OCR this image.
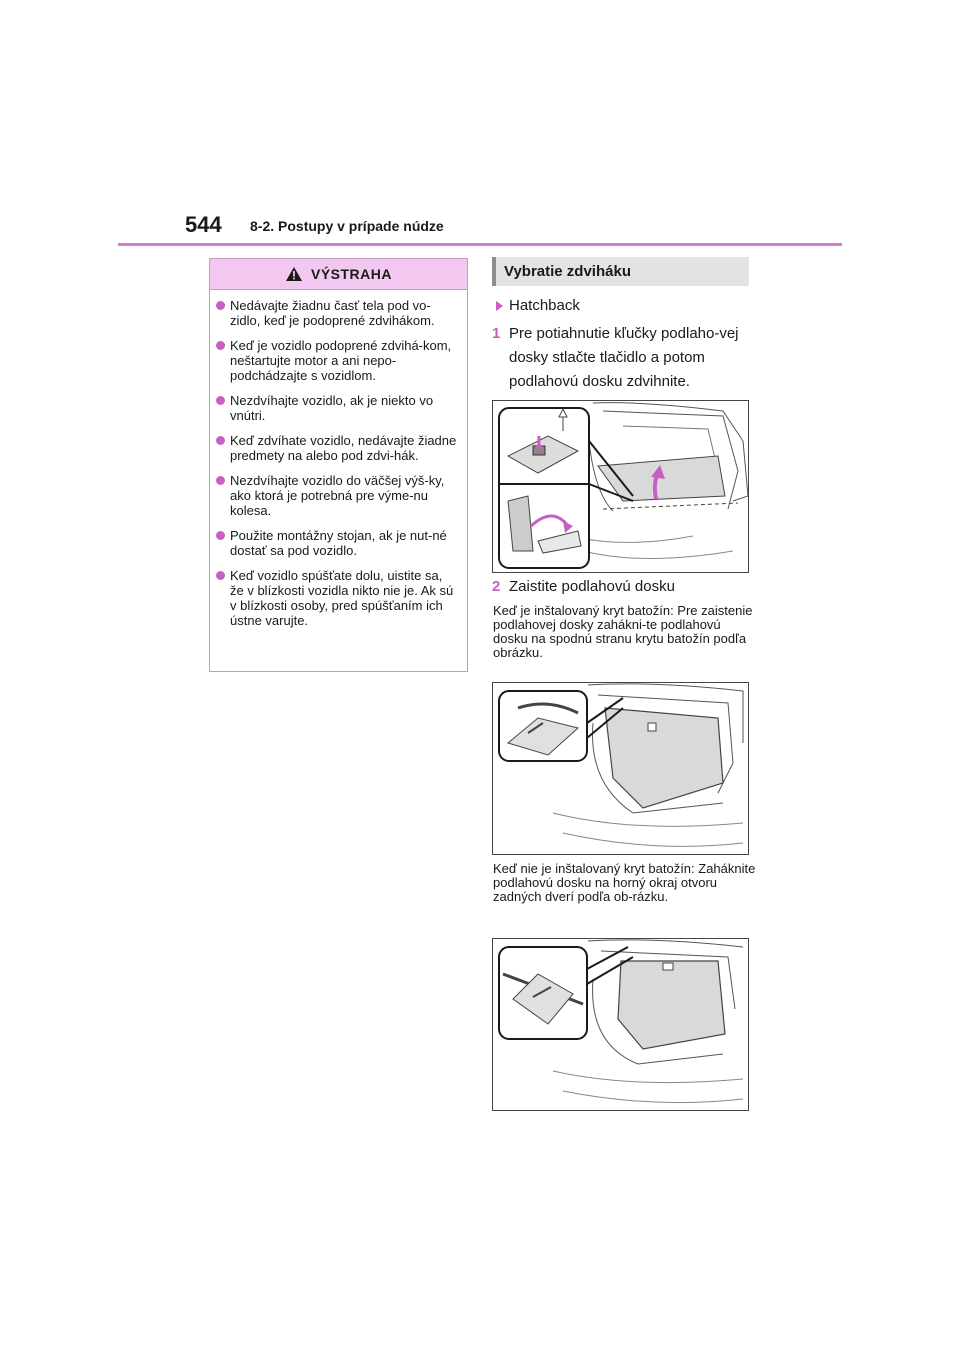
544 8-2. Postupy v prípade núdze
VÝSTRAHA
Nedávajte žiadnu časť tela pod vo-zidlo, keď je podoprené zdvihákom.
Keď je vozidlo podoprené zdvihá-kom, neštartujte motor a ani nepo-podchádzajte s vozidlom.
Nezdvíhajte vozidlo, ak je niekto vo vnútri.
Keď zdvíhate vozidlo, nedávajte žiadne predmety na alebo pod zdvi-hák.
Nezdvíhajte vozidlo do väčšej výš-ky, ako ktorá je potrebná pre výme-nu kolesa.
Použite montážny stojan, ak je nut-né dostať sa pod vozidlo.
Keď vozidlo spúšťate dolu, uistite sa, že v blízkosti vozidla nikto nie je. Ak sú v blízkosti osoby, pred spúšťaním ich ústne varujte.
Vybratie zdviháku
Hatchback
1 Pre potiahnutie kľučky podlaho-vej dosky stlačte tlačidlo a potom podlahovú dosku zdvihnite.
2 Zaistite podlahovú dosku
Keď je inštalovaný kryt batožín: Pre zaistenie podlahovej dosky zahákni-te podlahovú dosku na spodnú stranu krytu batožín podľa obrázku.
Keď nie je inštalovaný kryt batožín: Zaháknite podlahovú dosku na horný okraj otvoru zadných dverí podľa ob-rázku.
